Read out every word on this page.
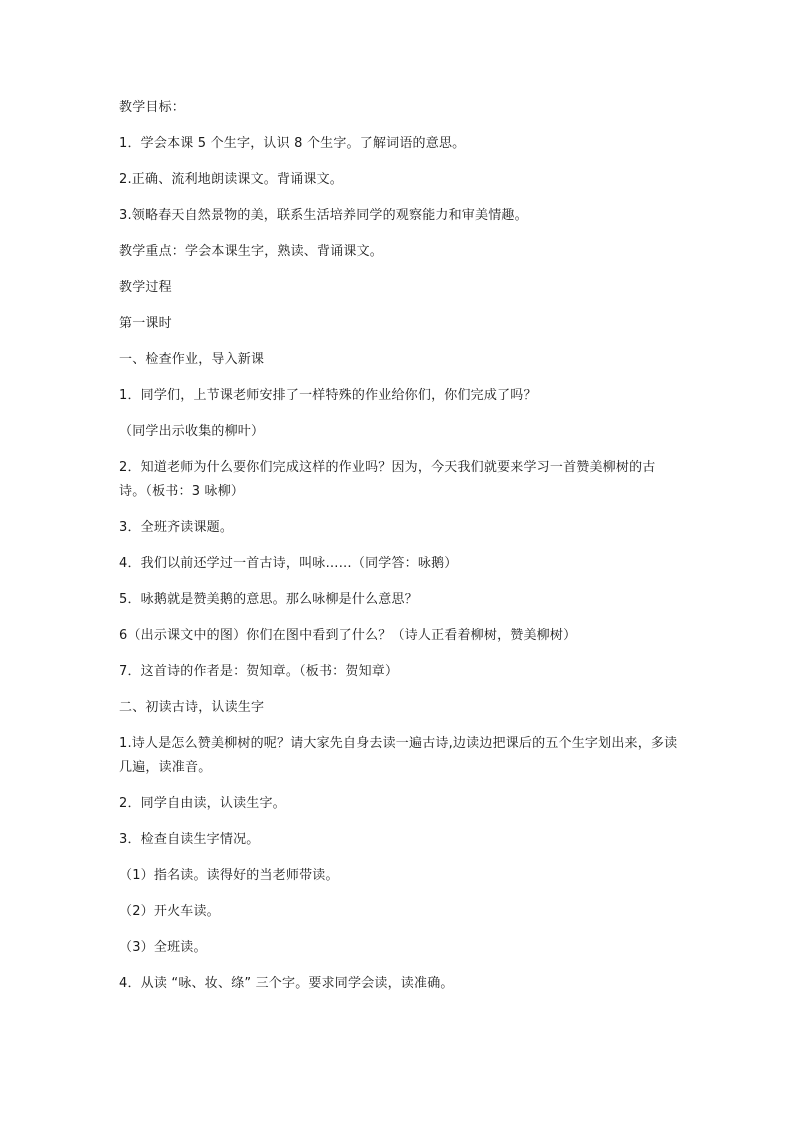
教学目标：

1．学会本课 5 个生字，认识 8 个生字。了解词语的意思。

2.正确、流利地朗读课文。背诵课文。

3.领略春天自然景物的美，联系生活培养同学的观察能力和审美情趣。

教学重点：学会本课生字，熟读、背诵课文。

教学过程

第一课时

一、检查作业，导入新课

1．同学们，上节课老师安排了一样特殊的作业给你们，你们完成了吗？

（同学出示收集的柳叶）

2．知道老师为什么要你们完成这样的作业吗？因为，今天我们就要来学习一首赞美柳树的古诗。（板书：3 咏柳）

3．全班齐读课题。

4．我们以前还学过一首古诗，叫咏……（同学答：咏鹅）

5．咏鹅就是赞美鹅的意思。那么咏柳是什么意思？

6（出示课文中的图）你们在图中看到了什么？（诗人正看着柳树，赞美柳树）

7．这首诗的作者是：贺知章。（板书：贺知章）

二、初读古诗，认读生字

1.诗人是怎么赞美柳树的呢？请大家先自身去读一遍古诗,边读边把课后的五个生字划出来，多读几遍，读准音。

2．同学自由读，认读生字。

3．检查自读生字情况。

（1）指名读。读得好的当老师带读。

（2）开火车读。

（3）全班读。

4．从读 “咏、妆、绦” 三个字。要求同学会读，读准确。
